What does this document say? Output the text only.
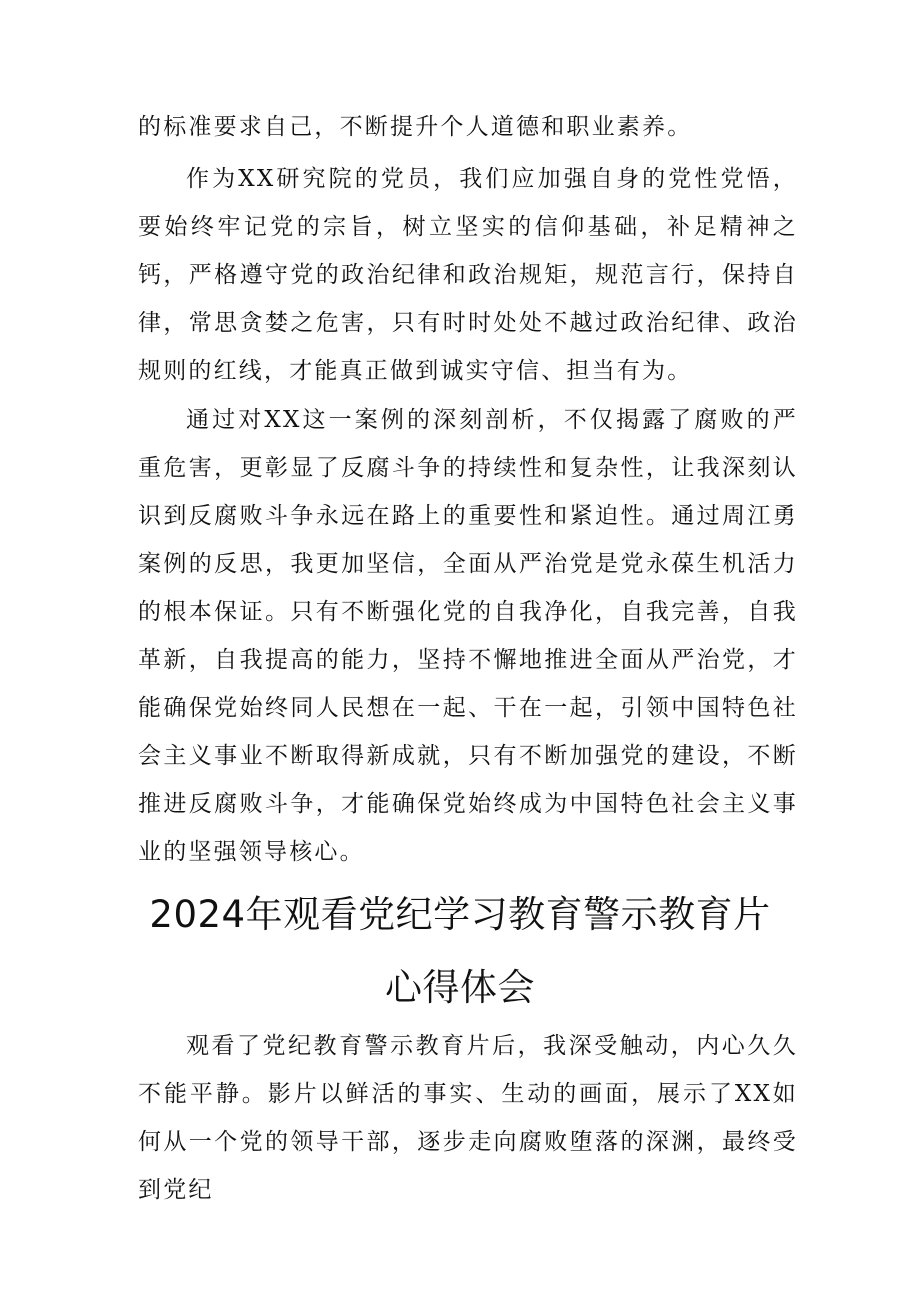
的标准要求自己，不断提升个人道德和职业素养。

作为XX研究院的党员，我们应加强自身的党性党悟，要始终牢记党的宗旨，树立坚实的信仰基础，补足精神之钙，严格遵守党的政治纪律和政治规矩，规范言行，保持自律，常思贪婪之危害，只有时时处处不越过政治纪律、政治规则的红线，才能真正做到诚实守信、担当有为。

通过对XX这一案例的深刻剖析，不仅揭露了腐败的严重危害，更彰显了反腐斗争的持续性和复杂性，让我深刻认识到反腐败斗争永远在路上的重要性和紧迫性。通过周江勇案例的反思，我更加坚信，全面从严治党是党永葆生机活力的根本保证。只有不断强化党的自我净化，自我完善，自我革新，自我提高的能力，坚持不懈地推进全面从严治党，才能确保党始终同人民想在一起、干在一起，引领中国特色社会主义事业不断取得新成就，只有不断加强党的建设，不断推进反腐败斗争，才能确保党始终成为中国特色社会主义事业的坚强领导核心。

2024年观看党纪学习教育警示教育片
心得体会

观看了党纪教育警示教育片后，我深受触动，内心久久不能平静。影片以鲜活的事实、生动的画面，展示了XX如何从一个党的领导干部，逐步走向腐败堕落的深渊，最终受到党纪
